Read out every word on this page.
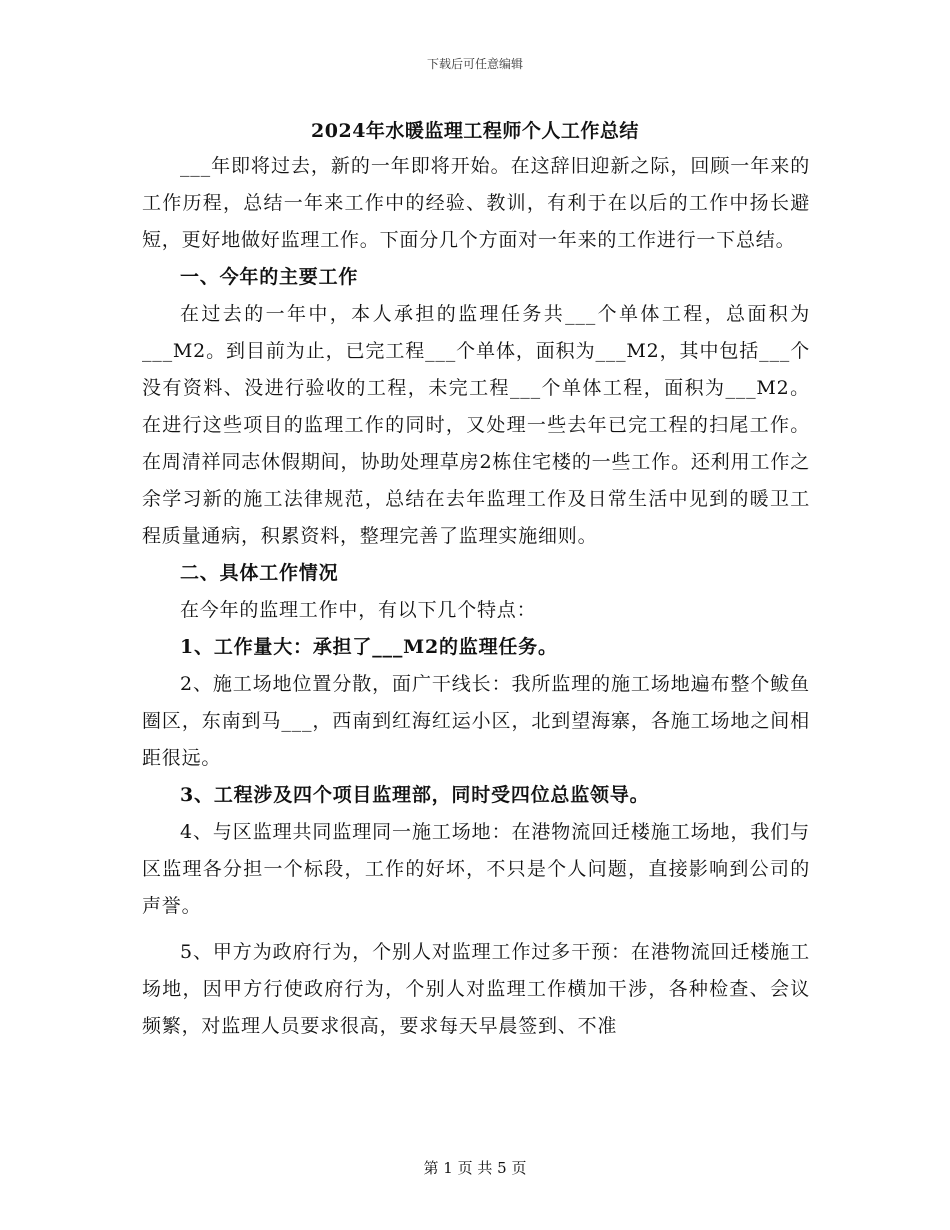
下载后可任意编辑
2024年水暖监理工程师个人工作总结

___年即将过去，新的一年即将开始。在这辞旧迎新之际，回顾一年来的工作历程，总结一年来工作中的经验、教训，有利于在以后的工作中扬长避短，更好地做好监理工作。下面分几个方面对一年来的工作进行一下总结。

一、今年的主要工作

在过去的一年中，本人承担的监理任务共___个单体工程，总面积为___M2。到目前为止，已完工程___个单体，面积为___M2，其中包括___个没有资料、没进行验收的工程，未完工程___个单体工程，面积为___M2。在进行这些项目的监理工作的同时，又处理一些去年已完工程的扫尾工作。在周清祥同志休假期间，协助处理草房2栋住宅楼的一些工作。还利用工作之余学习新的施工法律规范，总结在去年监理工作及日常生活中见到的暖卫工程质量通病，积累资料，整理完善了监理实施细则。

二、具体工作情况

在今年的监理工作中，有以下几个特点：

1、工作量大：承担了___M2的监理任务。

2、施工场地位置分散，面广干线长：我所监理的施工场地遍布整个鲅鱼圈区，东南到马___，西南到红海红运小区，北到望海寨，各施工场地之间相距很远。

3、工程涉及四个项目监理部，同时受四位总监领导。

4、与区监理共同监理同一施工场地：在港物流回迁楼施工场地，我们与区监理各分担一个标段，工作的好坏，不只是个人问题，直接影响到公司的声誉。

5、甲方为政府行为，个别人对监理工作过多干预：在港物流回迁楼施工场地，因甲方行使政府行为，个别人对监理工作横加干涉，各种检查、会议频繁，对监理人员要求很高，要求每天早晨签到、不准

第 1 页 共 5 页
